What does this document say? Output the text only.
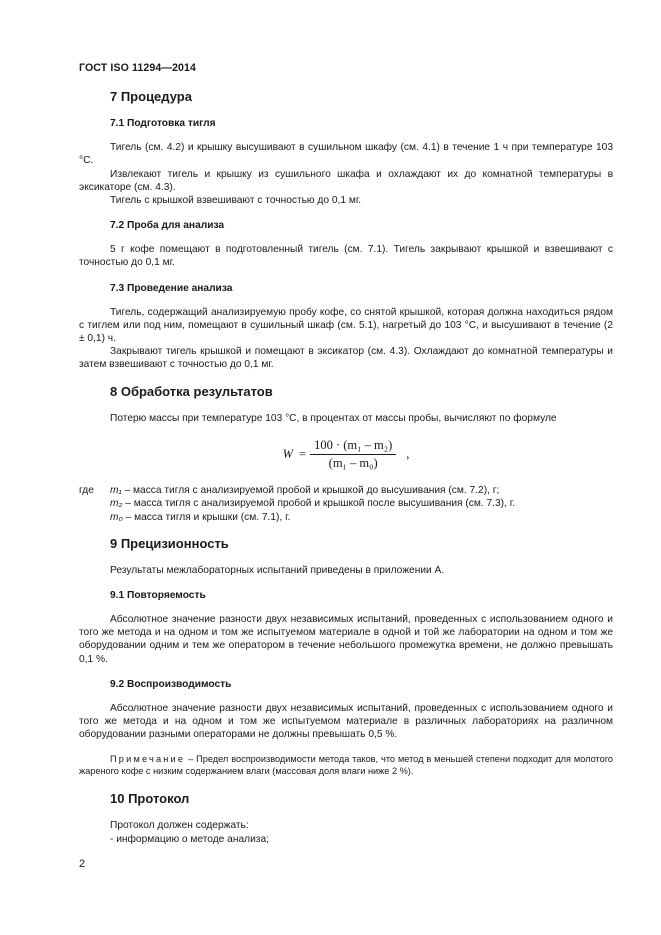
ГОСТ ISO 11294—2014
7 Процедура
7.1 Подготовка тигля

Тигель (см. 4.2) и крышку высушивают в сушильном шкафу (см. 4.1) в течение 1 ч при температуре 103 °С.

Извлекают тигель и крышку из сушильного шкафа и охлаждают их до комнатной температуры в эксикаторе (см. 4.3).

Тигель с крышкой взвешивают с точностью до 0,1 мг.

7.2 Проба для анализа

5 г кофе помещают в подготовленный тигель (см. 7.1). Тигель закрывают крышкой и взвешивают с точностью до 0,1 мг.

7.3 Проведение анализа

Тигель, содержащий анализируемую пробу кофе, со снятой крышкой, которая должна находиться рядом с тиглем или под ним, помещают в сушильный шкаф (см. 5.1), нагретый до 103 °С, и высушивают в течение (2 ± 0,1) ч.

Закрывают тигель крышкой и помещают в эксикатор (см. 4.3). Охлаждают до комнатной температуры и затем взвешивают с точностью до 0,1 мг.

8 Обработка результатов

Потерю массы при температуре 103 °С, в процентах от массы пробы, вычисляют по формуле

$W = \frac{\text{100 · (m₁ – m₂)}}{\text{(m₁ – m₀)}}$ ,
где	m₁ – масса тигля с анализируемой пробой и крышкой до высушивания (см. 7.2), г;
m₂ – масса тигля с анализируемой пробой и крышкой после высушивания (см. 7.3), г.
m₀ – масса тигля и крышки (см. 7.1), г.
9 Прецизионность

Результаты межлабораторных испытаний приведены в приложении А.

9.1 Повторяемость

Абсолютное значение разности двух независимых испытаний, проведенных с использованием одного и того же метода и на одном и том же испытуемом материале в одной и той же лаборатории на одном и том же оборудовании одним и тем же оператором в течение небольшого промежутка времени, не должно превышать 0,1 %.

9.2 Воспроизводимость

Абсолютное значение разности двух независимых испытаний, проведенных с использованием одного и того же метода и на одном и том же испытуемом материале в различных лабораториях на различном оборудовании разными операторами не должны превышать 0,5 %.

Примечание – Предел воспроизводимости метода таков, что метод в меньшей степени подходит для молотого жареного кофе с низким содержанием влаги (массовая доля влаги ниже 2 %).
10 Протокол

Протокол должен содержать:

- информацию о методе анализа;

2
